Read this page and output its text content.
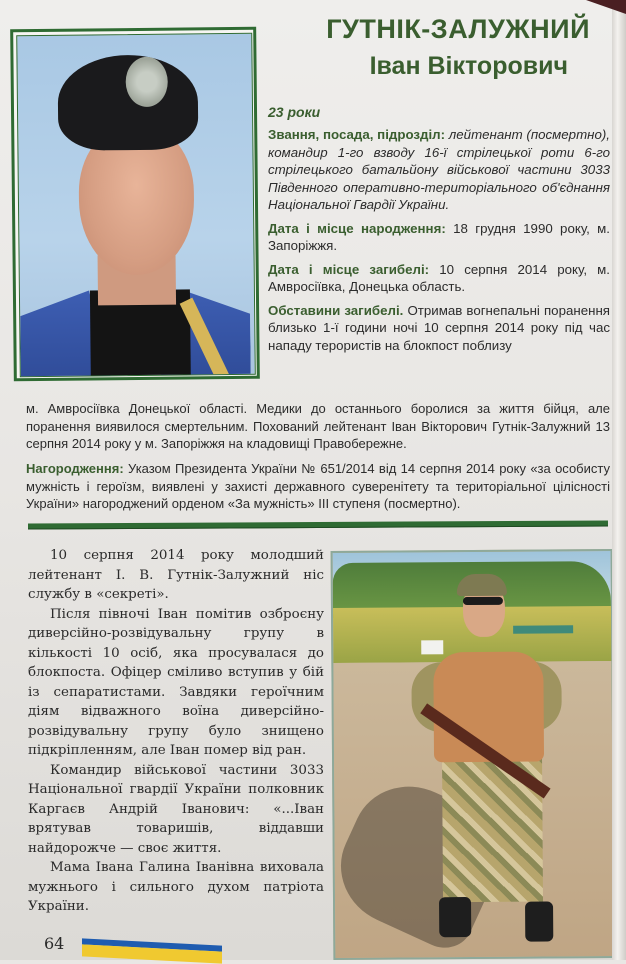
ГУТНІК-ЗАЛУЖНИЙ
Іван Вікторович
23 роки

Звання, посада, підрозділ: лейтенант (посмертно), командир 1-го взводу 16-ї стрілецької роти 6-го стрілецького батальйону військової частини 3033 Південного оперативно-територіального об'єднання Національної Гвардії України.

Дата і місце народження: 18 грудня 1990 року, м. Запоріжжя.

Дата і місце загибелі: 10 серпня 2014 року, м. Амвросіївка, Донецька область.

Обставини загибелі. Отримав вогнепальні поранення близько 1-ї години ночі 10 серпня 2014 року під час нападу терористів на блокпост поблизу

м. Амвросіївка Донецької області. Медики до останнього боролися за життя бійця, але поранення виявилося смертельним. Похований лейтенант Іван Вікторович Гутнік-Залужний 13 серпня 2014 року у м. Запоріжжя на кладовищі Правобережне.
Нагородження: Указом Президента України № 651/2014 від 14 серпня 2014 року «за особисту мужність і героїзм, виявлені у захисті державного суверенітету та територіальної цілісності України» нагороджений орденом «За мужність» III ступеня (посмертно).

10 серпня 2014 року молодший лейтенант І. В. Гутнік-Залужний ніс службу в «секреті».

Після півночі Іван помітив озброєну диверсійно-розвідувальну групу в кількості 10 осіб, яка просувалася до блокпоста. Офіцер сміливо вступив у бій із сепаратистами. Завдяки героїчним діям відважного воїна диверсійно-розвідувальну групу було знищено підкріпленням, але Іван помер від ран.

Командир військової частини 3033 Національної гвардії України полковник Каргаєв Андрій Іванович: «...Іван врятував товаришів, віддавши найдорожче — своє життя.

Мама Івана Галина Іванівна виховала мужнього і сильного духом патріота України.

64
